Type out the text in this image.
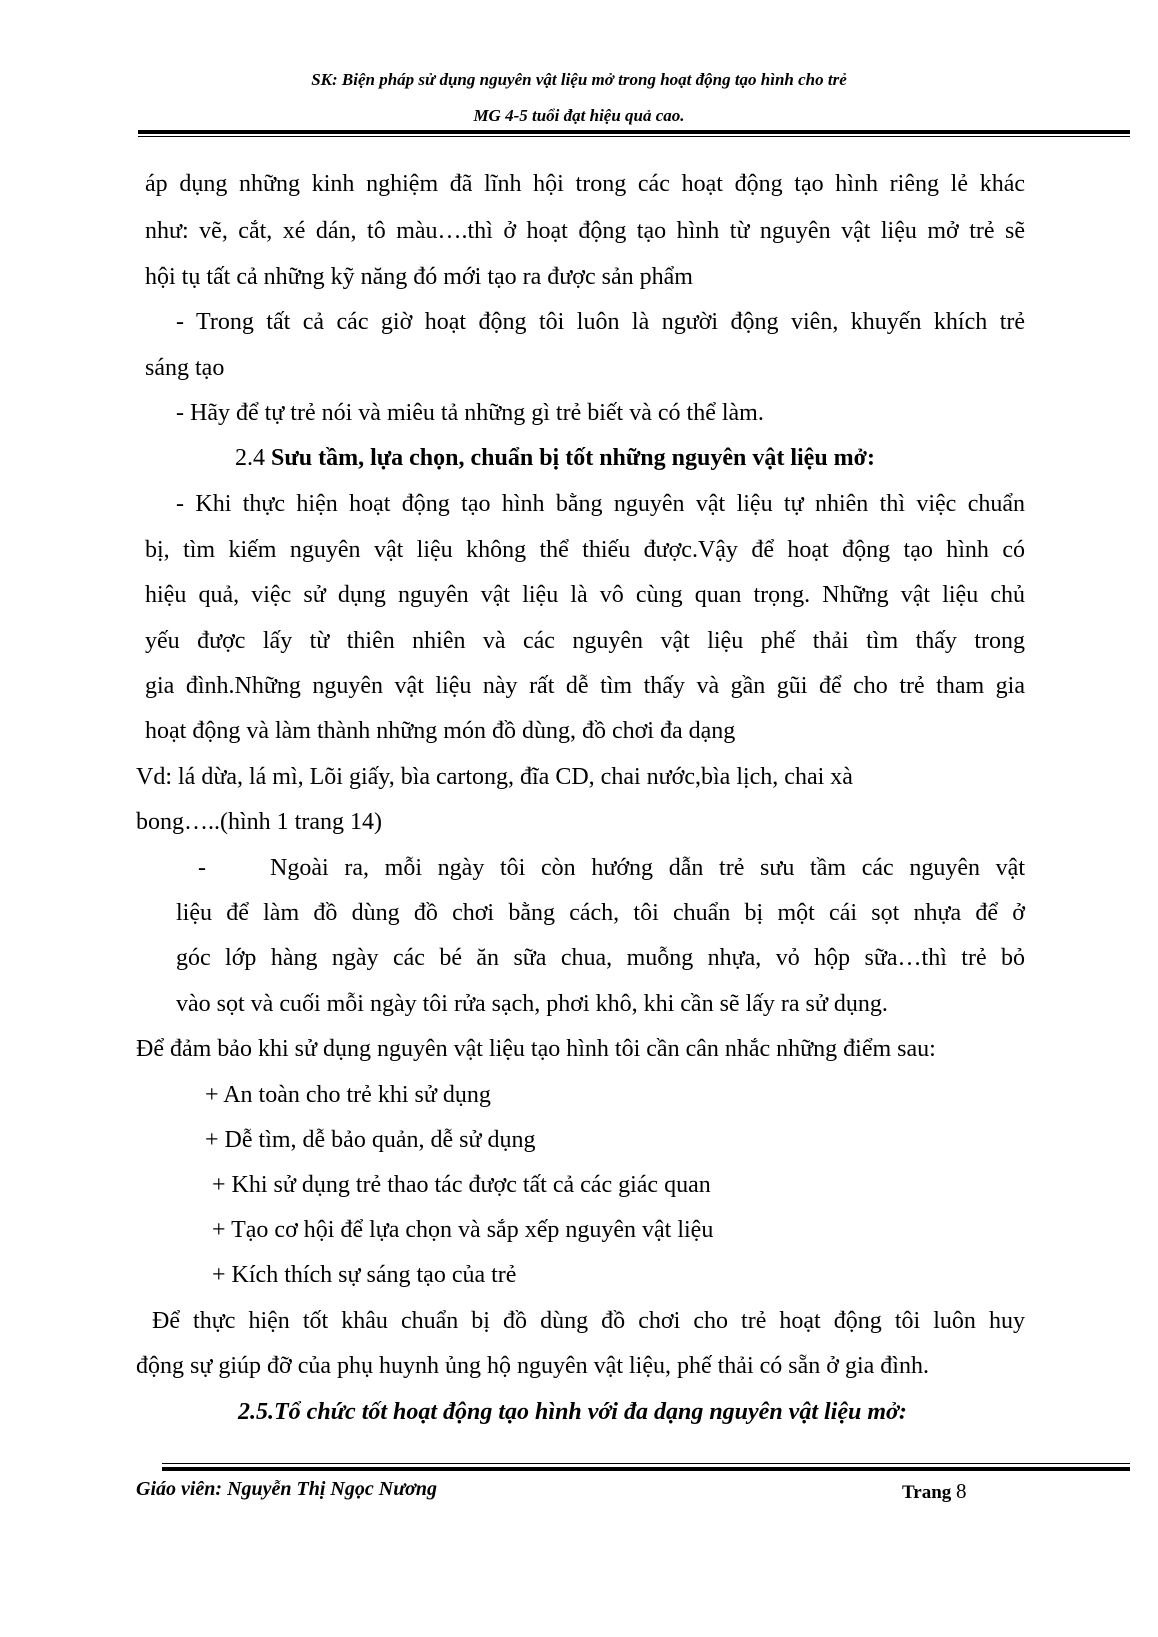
SK: Biện pháp sử dụng nguyên vật liệu mở trong hoạt động tạo hình cho trẻ
MG 4-5 tuổi đạt hiệu quả cao.
áp dụng những kinh nghiệm đã lĩnh hội trong các hoạt động tạo hình riêng lẻ khác
như: vẽ, cắt, xé dán, tô màu….thì ở hoạt động tạo hình từ nguyên vật liệu mở trẻ sẽ
hội tụ tất cả những kỹ năng đó mới tạo ra được sản phẩm
- Trong tất cả các giờ hoạt động tôi luôn là người động viên, khuyến khích trẻ
sáng tạo
- Hãy để tự trẻ nói và miêu tả những gì trẻ biết và có thể làm.
2.4 Sưu tầm, lựa chọn, chuẩn bị tốt những nguyên vật liệu mở:
- Khi thực hiện hoạt động tạo hình bằng nguyên vật liệu tự nhiên thì việc chuẩn
bị, tìm kiếm nguyên vật liệu không thể thiếu được.Vậy để hoạt động tạo hình có
hiệu quả, việc sử dụng nguyên vật liệu là vô cùng quan trọng. Những vật liệu chủ
yếu được lấy từ thiên nhiên và các nguyên vật liệu phế thải tìm thấy trong
gia đình.Những nguyên vật liệu này rất dễ tìm thấy và gần gũi để cho trẻ tham gia
hoạt động và làm thành những món đồ dùng, đồ chơi đa dạng
Vd: lá dừa, lá mì, Lõi giấy, bìa cartong, đĩa CD, chai nước,bìa lịch, chai xà
bong…..(hình 1 trang 14)
-	Ngoài ra, mỗi ngày tôi còn hướng dẫn trẻ sưu tầm các nguyên vật
liệu để làm đồ dùng đồ chơi bằng cách, tôi chuẩn bị một cái sọt nhựa để ở
góc lớp hàng ngày các bé ăn sữa chua, muỗng nhựa, vỏ hộp sữa…thì trẻ bỏ
vào sọt và cuối mỗi ngày tôi rửa sạch, phơi khô, khi cần sẽ lấy ra sử dụng.
Để đảm bảo khi sử dụng nguyên vật liệu tạo hình tôi cần cân nhắc những điểm sau:
+ An toàn cho trẻ khi sử dụng
+ Dễ tìm, dễ bảo quản, dễ sử dụng
+ Khi sử dụng trẻ thao tác được tất cả các giác quan
+ Tạo cơ hội để lựa chọn và sắp xếp nguyên vật liệu
+ Kích thích sự sáng tạo của trẻ
Để thực hiện tốt khâu chuẩn bị đồ dùng đồ chơi cho trẻ hoạt động tôi luôn huy
động sự giúp đỡ của phụ huynh ủng hộ nguyên vật liệu, phế thải có sẵn ở gia đình.
2.5.Tổ chức tốt hoạt động tạo hình với đa dạng nguyên vật liệu mở:
Giáo viên: Nguyễn Thị Ngọc Nương	Trang 8
